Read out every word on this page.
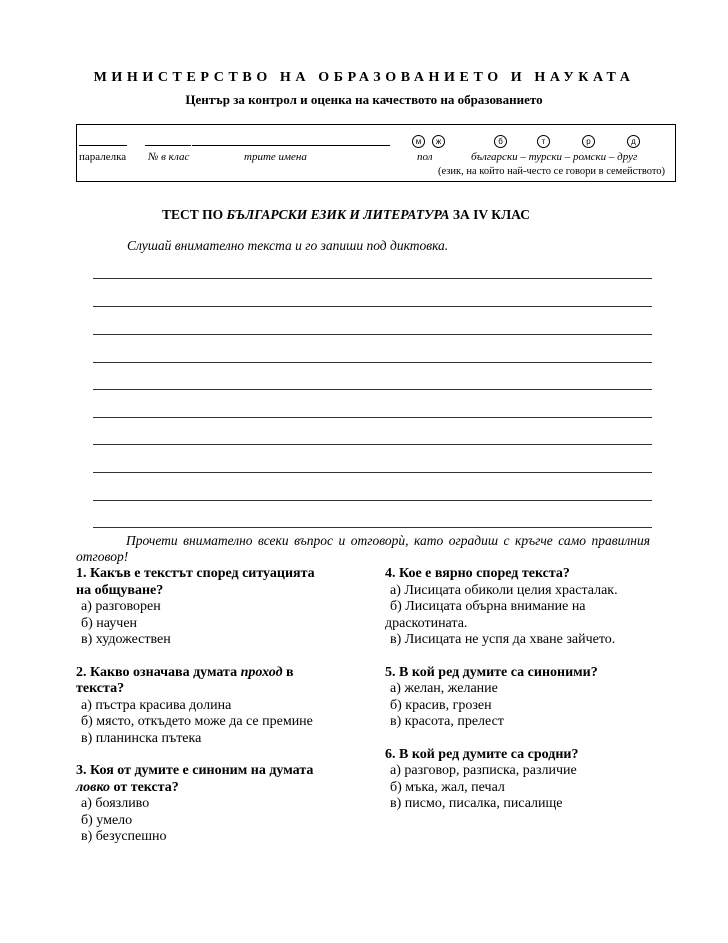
МИНИСТЕРСТВО НА ОБРАЗОВАНИЕТО И НАУКАТА
Център за контрол и оценка на качеството на образованието
м	ж	б	т	р	д
паралелка № в клас	трите имена	пол	български – турски – ромски – друг
(език, на който най-често се говори в семейството)
ТЕСТ ПО БЪЛГАРСКИ ЕЗИК И ЛИТЕРАТУРА ЗА IV КЛАС
Слушай внимателно текста и го запиши под диктовка.
Прочети внимателно всеки въпрос и отговорѝ, като оградиш с кръгче само правилния отговор!
1. Какъв е текстът според ситуацията
на общуване?
а) разговорен
б) научен
в) художествен
2. Какво означава думата проход в
текста?
а) пъстра красива долина
б) място, откъдето може да се премине
в) планинска пътека
3. Коя от думите е синоним на думата
ловко от текста?
а) боязливо
б) умело
в) безуспешно
4. Кое е вярно според текста?
а) Лисицата обиколи целия храсталак.
б) Лисицата обърна внимание на
драскотината.
в) Лисицата не успя да хване зайчето.
5. В кой ред думите са синоними?
а) желан, желание
б) красив, грозен
в) красота, прелест
6. В кой ред думите са сродни?
а) разговор, разписка, различие
б) мъка, жал, печал
в) писмо, писалка, писалище
